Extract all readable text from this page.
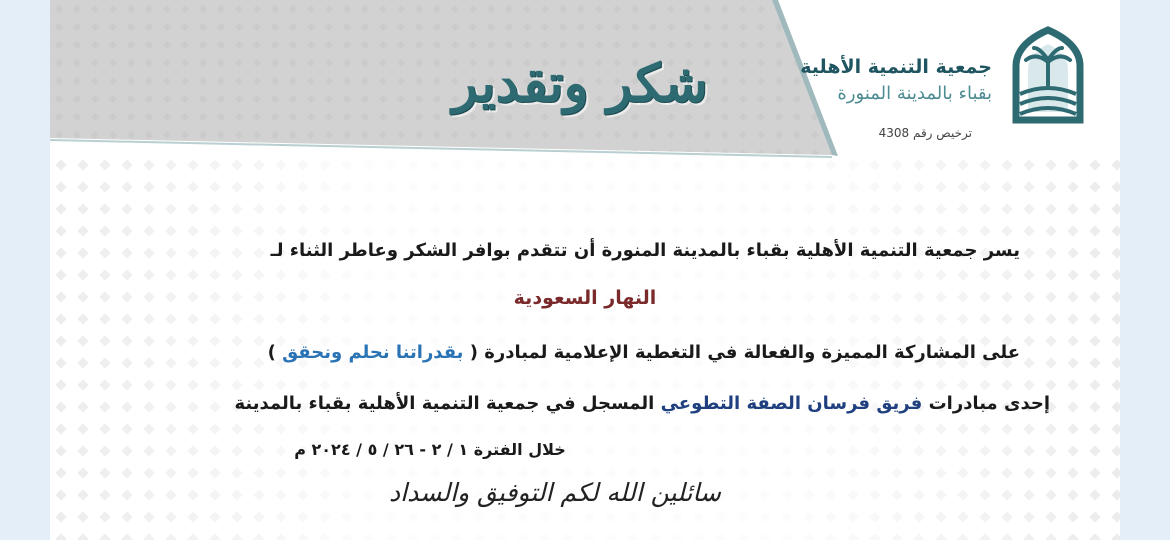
شكر وتقدير	جمعية التنمية الأهلية
بقباء بالمدينة المنورة
ترخيص رقم 4308
يسر جمعية التنمية الأهلية بقباء بالمدينة المنورة أن تتقدم بوافر الشكر وعاطر الثناء لـ
النهار السعودية
على المشاركة المميزة والفعالة في التغطية الإعلامية لمبادرة ( بقدراتنا نحلم ونحقق )
إحدى مبادرات فريق فرسان الصفة التطوعي المسجل في جمعية التنمية الأهلية بقباء بالمدينة
خلال الفترة ١ / ٢ - ٢٦ / ٥ / ٢٠٢٤ م
سائلين الله لكم التوفيق والسداد
